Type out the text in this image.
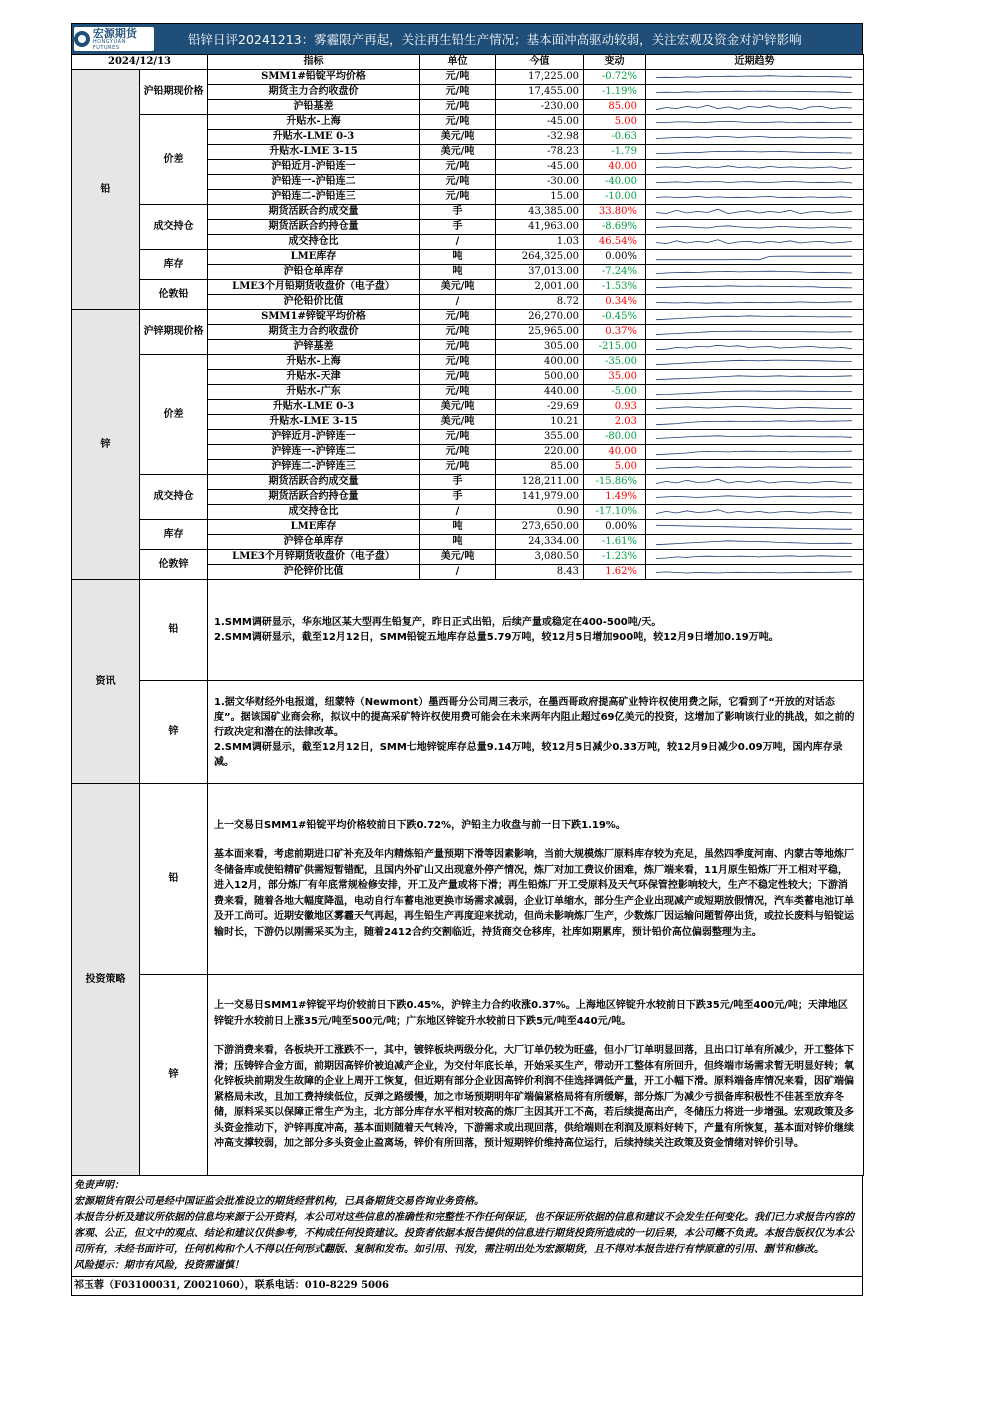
宏源期货
HONGYUAN FUTURES
铅锌日评20241213：雾霾限产再起，关注再生铅生产情况；基本面冲高驱动较弱，关注宏观及资金对沪锌影响
2024/12/13		指标	单位	今值	变动	近期趋势
铅	沪铅期现价格	SMM1#铅锭平均价格	元/吨	17,225.00	-0.72%	

		期货主力合约收盘价	元/吨	17,455.00	-1.19%	

		沪铅基差	元/吨	-230.00	85.00	

	价差	升贴水-上海	元/吨	-45.00	5.00	

		升贴水-LME 0-3	美元/吨	-32.98	-0.63	

		升贴水-LME 3-15	美元/吨	-78.23	-1.79	

		沪铅近月-沪铅连一	元/吨	-45.00	40.00	

		沪铅连一-沪铅连二	元/吨	-30.00	-40.00	

		沪铅连二-沪铅连三	元/吨	15.00	-10.00	

	成交持仓	期货活跃合约成交量	手	43,385.00	33.80%	

		期货活跃合约持仓量	手	41,963.00	-8.69%	

		成交持仓比	/	1.03	46.54%	

	库存	LME库存	吨	264,325.00	0.00%	

		沪铅仓单库存	吨	37,013.00	-7.24%	

	伦敦铅	LME3个月铅期货收盘价（电子盘）	美元/吨	2,001.00	-1.53%	

		沪伦铅价比值	/	8.72	0.34%	

锌	沪锌期现价格	SMM1#锌锭平均价格	元/吨	26,270.00	-0.45%	

		期货主力合约收盘价	元/吨	25,965.00	0.37%	

		沪锌基差	元/吨	305.00	-215.00	

	价差	升贴水-上海	元/吨	400.00	-35.00	

		升贴水-天津	元/吨	500.00	35.00	

		升贴水-广东	元/吨	440.00	-5.00	

		升贴水-LME 0-3	美元/吨	-29.69	0.93	

		升贴水-LME 3-15	美元/吨	10.21	2.03	

		沪锌近月-沪锌连一	元/吨	355.00	-80.00	

		沪锌连一-沪锌连二	元/吨	220.00	40.00	

		沪锌连二-沪锌连三	元/吨	85.00	5.00	

	成交持仓	期货活跃合约成交量	手	128,211.00	-15.86%	

		期货活跃合约持仓量	手	141,979.00	1.49%	

		成交持仓比	/	0.90	-17.10%	

	库存	LME库存	吨	273,650.00	0.00%	

		沪锌仓单库存	吨	24,334.00	-1.61%	

	伦敦锌	LME3个月锌期货收盘价（电子盘）	美元/吨	3,080.50	-1.23%	

		沪伦锌价比值	/	8.43	1.62%	
资讯	铅	1.SMM调研显示，华东地区某大型再生铅复产，昨日正式出铅，后续产量或稳定在400-500吨/天。

2.SMM调研显示，截至12月12日，SMM铅锭五地库存总量5.79万吨，较12月5日增加900吨，较12月9日增加0.19万吨。

	锌	1.据文华财经外电报道，纽蒙特（Newmont）墨西哥分公司周三表示，在墨西哥政府提高矿业特许权使用费之际，它看到了“开放的对话态度”。据该国矿业商会称，拟议中的提高采矿特许权使用费可能会在未来两年内阻止超过69亿美元的投资，这增加了影响该行业的挑战，如之前的行政决定和潜在的法律改革。

2.SMM调研显示，截至12月12日，SMM七地锌锭库存总量9.14万吨，较12月5日减少0.33万吨，较12月9日减少0.09万吨，国内库存录减。

投资策略	铅	上一交易日SMM1#铅锭平均价格较前日下跌0.72%，沪铅主力收盘与前一日下跌1.19%。

基本面来看，考虑前期进口矿补充及年内精炼铅产量预期下滑等因素影响，当前大规模炼厂原料库存较为充足，虽然四季度河南、内蒙古等地炼厂冬储备库或使铅精矿供需短暂错配，且国内外矿山又出现意外停产情况，炼厂对加工费议价困难，炼厂端来看，11月原生铅炼厂开工相对平稳，进入12月，部分炼厂有年底常规检修安排，开工及产量或将下滑；再生铅炼厂开工受原料及天气环保管控影响较大，生产不稳定性较大；下游消费来看，随着各地大幅度降温，电动自行车蓄电池更换市场需求减弱，企业订单缩水，部分生产企业出现减产或短期放假情况，汽车类蓄电池订单及开工尚可。近期安徽地区雾霾天气再起，再生铅生产再度迎来扰动，但尚未影响炼厂生产，少数炼厂因运输问题暂停出货，或拉长废料与铅锭运输时长，下游仍以刚需采买为主，随着2412合约交割临近，持货商交仓移库，社库如期累库，预计铅价高位偏弱整理为主。

	锌	上一交易日SMM1#锌锭平均价较前日下跌0.45%，沪锌主力合约收涨0.37%。上海地区锌锭升水较前日下跌35元/吨至400元/吨；天津地区锌锭升水较前日上涨35元/吨至500元/吨；广东地区锌锭升水较前日下跌5元/吨至440元/吨。

下游消费来看，各板块开工涨跌不一，其中，镀锌板块两级分化，大厂订单仍较为旺盛，但小厂订单明显回落，且出口订单有所减少，开工整体下滑；压铸锌合金方面，前期因高锌价被迫减产企业，为交付年底长单，开始采买生产，带动开工整体有所回升，但终端市场需求暂无明显好转；氧化锌板块前期发生故障的企业上周开工恢复，但近期有部分企业因高锌价利润不佳选择调低产量，开工小幅下滑。原料端备库情况来看，因矿端偏紧格局未改，且加工费持续低位，反弹之路缓慢，加之市场预期明年矿端偏紧格局将有所缓解，部分炼厂为减少亏损备库积极性不佳甚至放弃冬储，原料采买以保障正常生产为主，北方部分库存水平相对较高的炼厂主因其开工不高，若后续提高出产，冬储压力将进一步增强。宏观政策及多头资金推动下，沪锌再度冲高，基本面则随着天气转冷，下游需求或出现回落，供给端则在利润及原料好转下，产量有所恢复，基本面对锌价继续冲高支撑较弱，加之部分多头资金止盈离场，锌价有所回落，预计短期锌价维持高位运行，后续持续关注政策及资金情绪对锌价引导。

免责声明：
宏源期货有限公司是经中国证监会批准设立的期货经营机构，已具备期货交易咨询业务资格。
本报告分析及建议所依据的信息均来源于公开资料，本公司对这些信息的准确性和完整性不作任何保证，也不保证所依据的信息和建议不会发生任何变化。我们已力求报告内容的客观、公正，但文中的观点、结论和建议仅供参考，不构成任何投资建议。投资者依据本报告提供的信息进行期货投资所造成的一切后果，本公司概不负责。本报告版权仅为本公司所有，未经书面许可，任何机构和个人不得以任何形式翻版、复制和发布。如引用、刊发，需注明出处为宏源期货，且不得对本报告进行有悖原意的引用、删节和修改。
风险提示：期市有风险，投资需谨慎！

祁玉蓉（F03100031, Z0021060），联系电话：010-8229 5006
